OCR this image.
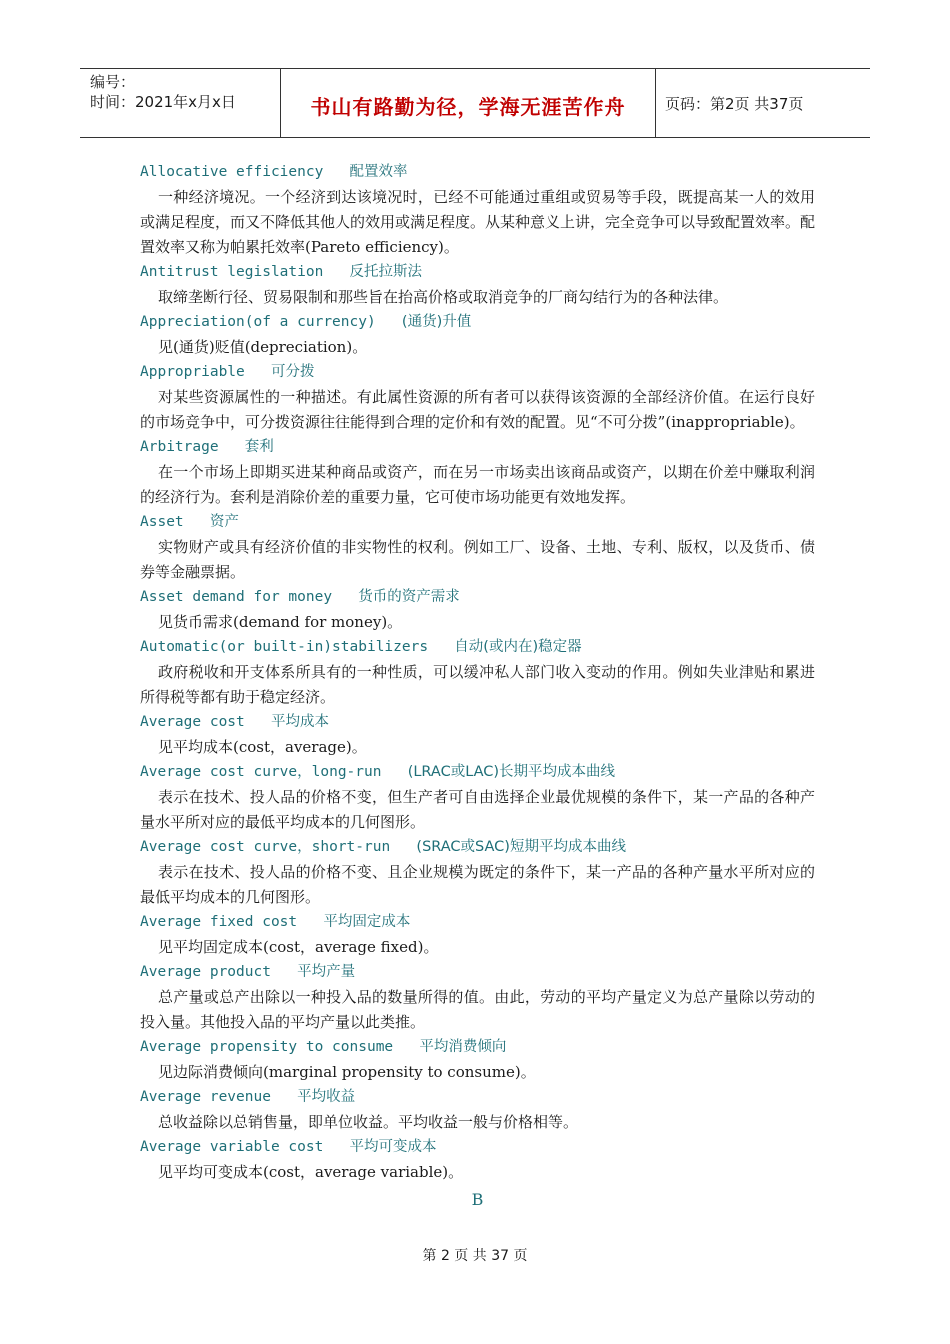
编号：
时间：2021年x月x日	书山有路勤为径，学海无涯苦作舟	页码：第2页 共37页
Allocative efficiency 配置效率
一种经济境况。一个经济到达该境况时，已经不可能通过重组或贸易等手段，既提高某一人的效用或满足程度，而又不降低其他人的效用或满足程度。从某种意义上讲，完全竞争可以导致配置效率。配置效率又称为帕累托效率(Pareto efficiency)。
Antitrust legislation 反托拉斯法
取缔垄断行径、贸易限制和那些旨在抬高价格或取消竞争的厂商勾结行为的各种法律。
Appreciation(of a currency) (通货)升值
见(通货)贬值(depreciation)。
Appropriable 可分拨
对某些资源属性的一种描述。有此属性资源的所有者可以获得该资源的全部经济价值。在运行良好的市场竞争中，可分拨资源往往能得到合理的定价和有效的配置。见“不可分拨”(inappropriable)。
Arbitrage 套利
在一个市场上即期买进某种商品或资产，而在另一市场卖出该商品或资产，以期在价差中赚取利润的经济行为。套利是消除价差的重要力量，它可使市场功能更有效地发挥。
Asset 资产
实物财产或具有经济价值的非实物性的权利。例如工厂、设备、土地、专利、版权，以及货币、债券等金融票据。
Asset demand for money 货币的资产需求
见货币需求(demand for money)。
Automatic(or built-in)stabilizers 自动(或内在)稳定器
政府税收和开支体系所具有的一种性质，可以缓冲私人部门收入变动的作用。例如失业津贴和累进所得税等都有助于稳定经济。
Average cost 平均成本
见平均成本(cost，average)。
Average cost curve，long-run (LRAC或LAC)长期平均成本曲线
表示在技术、投人品的价格不变，但生产者可自由选择企业最优规模的条件下，某一产品的各种产量水平所对应的最低平均成本的几何图形。
Average cost curve，short-run (SRAC或SAC)短期平均成本曲线
表示在技术、投人品的价格不变、且企业规模为既定的条件下，某一产品的各种产量水平所对应的最低平均成本的几何图形。
Average fixed cost 平均固定成本
见平均固定成本(cost，average fixed)。
Average product 平均产量
总产量或总产出除以一种投入品的数量所得的值。由此，劳动的平均产量定义为总产量除以劳动的投入量。其他投入品的平均产量以此类推。
Average propensity to consume 平均消费倾向
见边际消费倾向(marginal propensity to consume)。
Average revenue 平均收益
总收益除以总销售量，即单位收益。平均收益一般与价格相等。
Average variable cost 平均可变成本
见平均可变成本(cost，average variable)。
B
第 2 页 共 37 页
